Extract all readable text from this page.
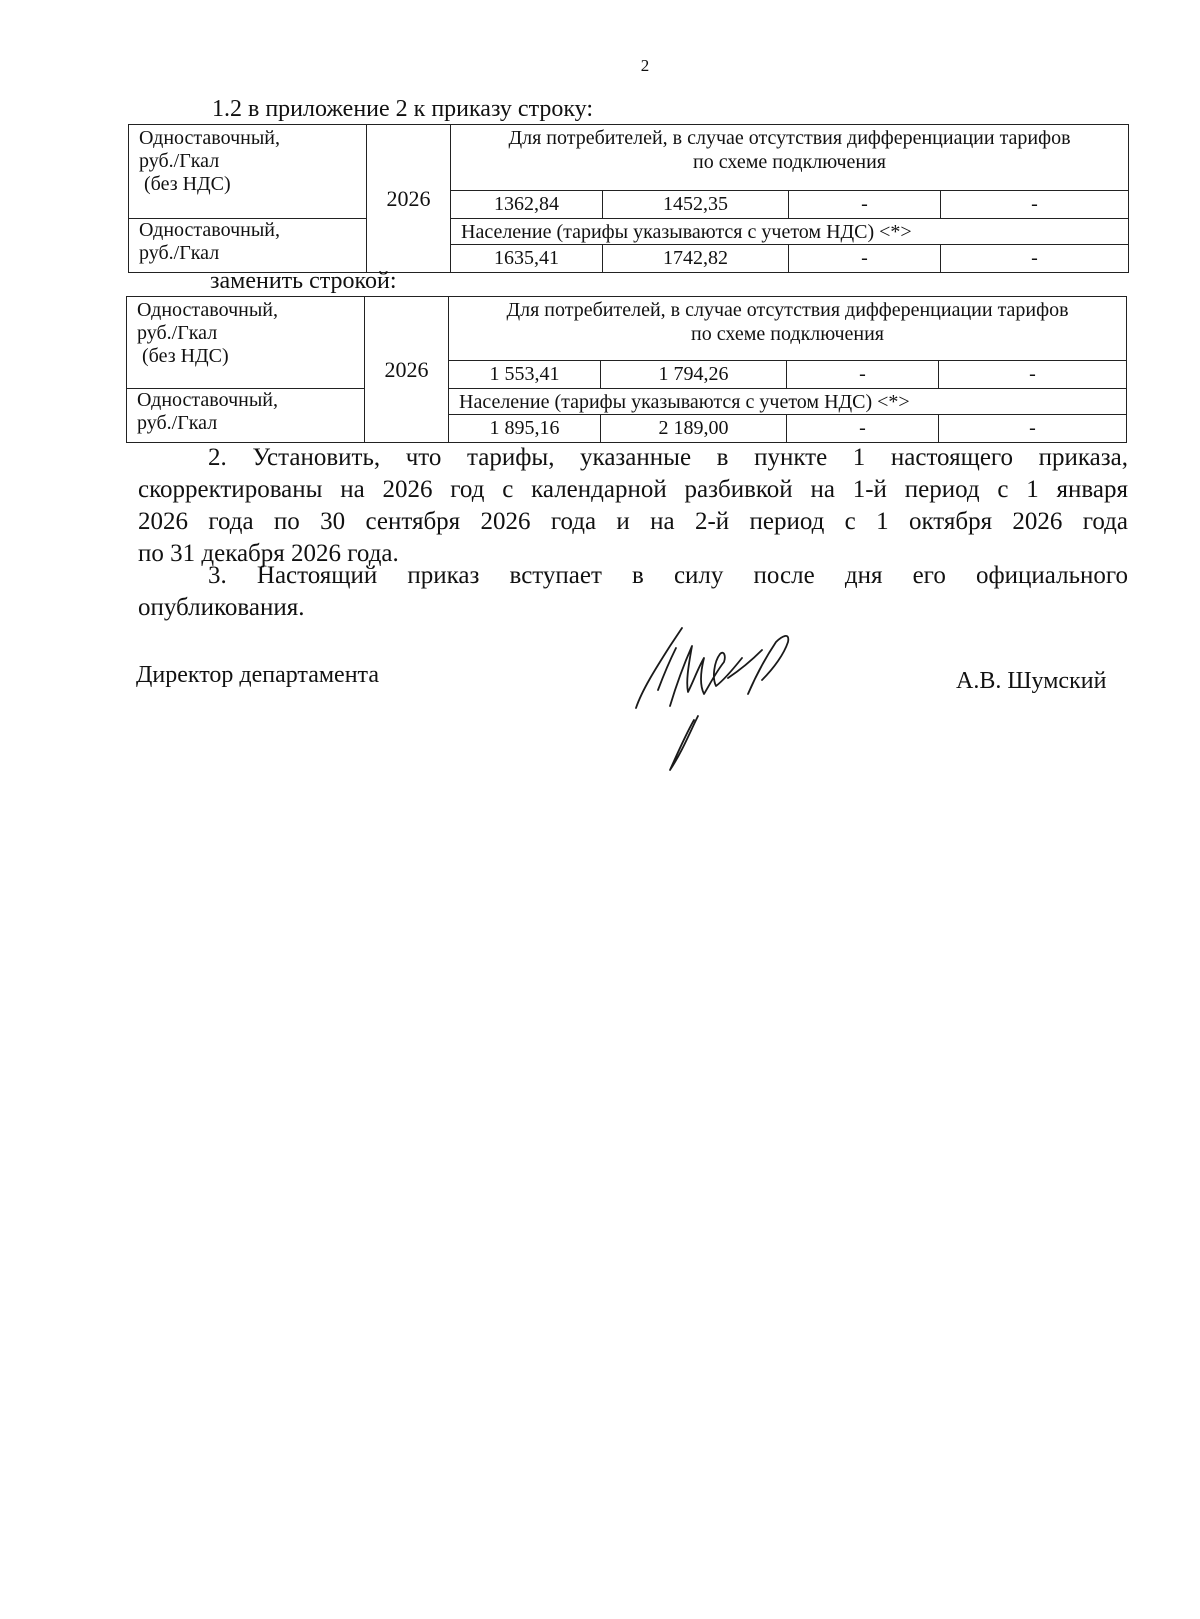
2
1.2 в приложение 2 к приказу строку:
Одноставочный,
руб./Гкал
(без НДС)	2026	Для потребителей, в случае отсутствия дифференциации тарифов
по схеме подключения			
		1362,84	1452,35	-	-
Одноставочный,
руб./Гкал		Население (тарифы указываются с учетом НДС) <*>			
		1635,41	1742,82	-	-
заменить строкой:
Одноставочный,
руб./Гкал
(без НДС)	2026	Для потребителей, в случае отсутствия дифференциации тарифов
по схеме подключения			
		1 553,41	1 794,26	-	-
Одноставочный,
руб./Гкал		Население (тарифы указываются с учетом НДС) <*>			
		1 895,16	2 189,00	-	-
2. Установить, что тарифы, указанные в пункте 1 настоящего приказа,
скорректированы на 2026 год с календарной разбивкой на 1-й период с 1 января
2026 года по 30 сентября 2026 года и на 2-й период с 1 октября 2026 года
по 31 декабря 2026 года.
3. Настоящий приказ вступает в силу после дня его официального
опубликования.
Директор департамента	А.В. Шумский
